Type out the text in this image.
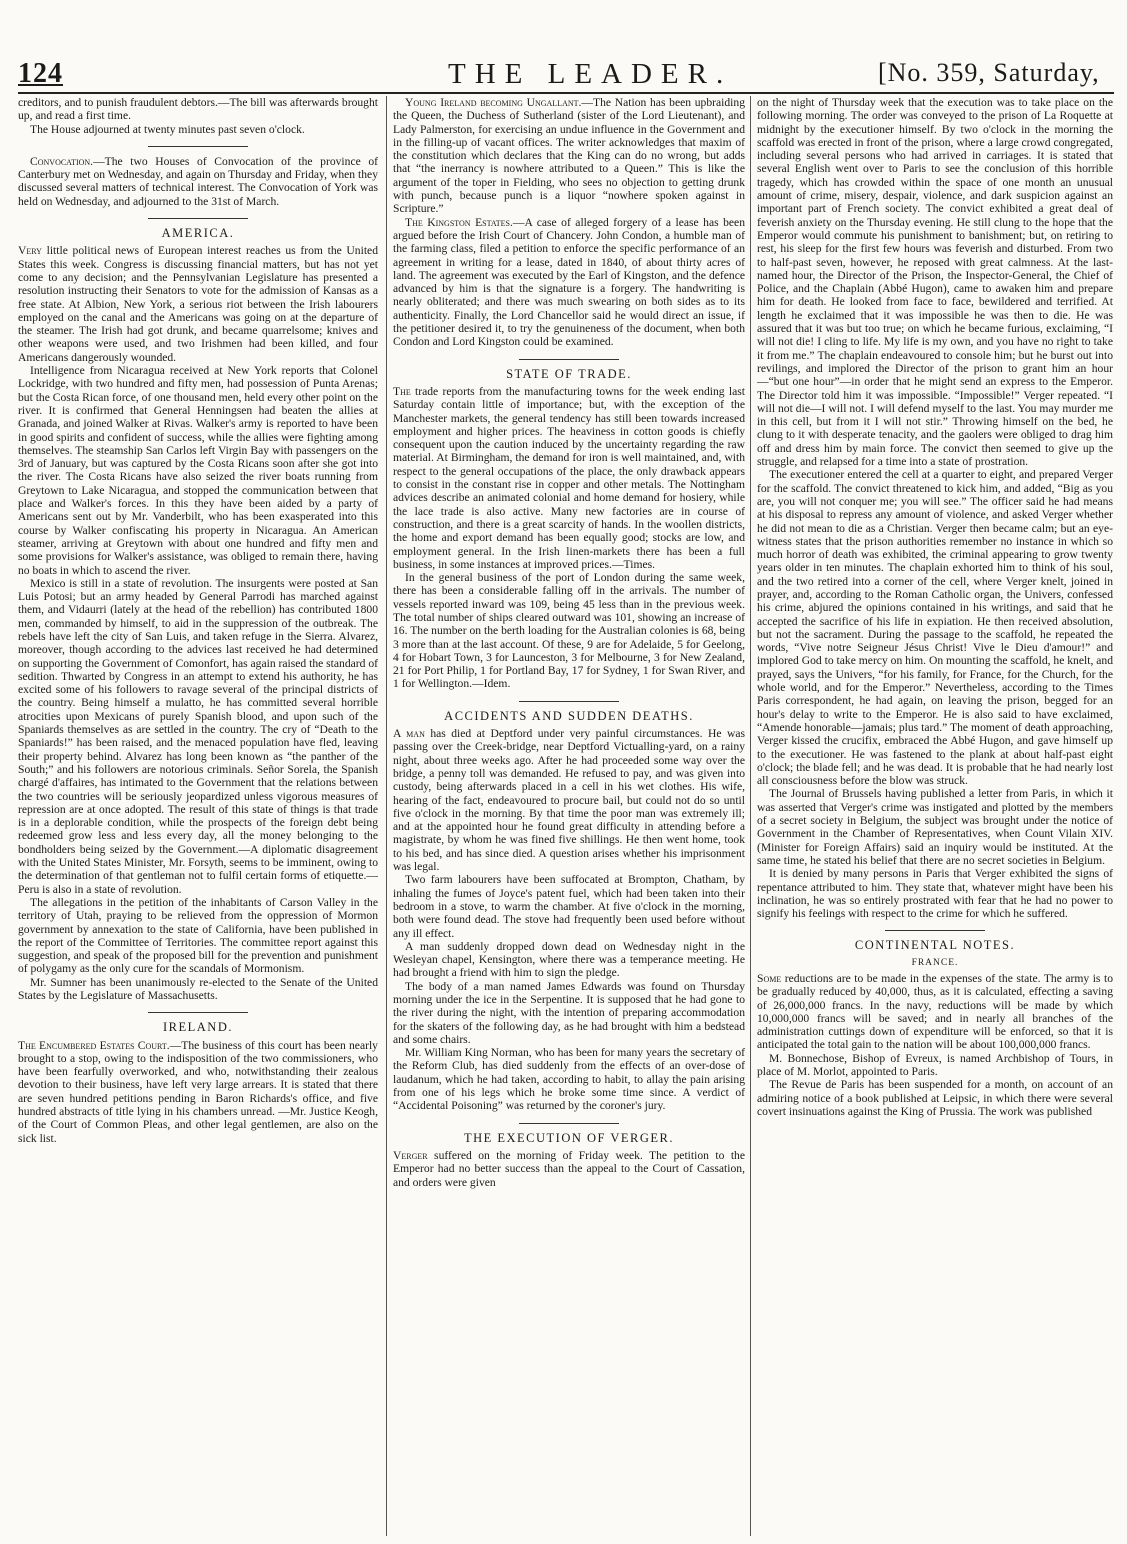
124	THE LEADER.	[No. 359, Saturday,

creditors, and to punish fraudulent debtors.—The bill was afterwards brought up, and read a first time.

The House adjourned at twenty minutes past seven o'clock.

Convocation.—The two Houses of Convocation of the province of Canterbury met on Wednesday, and again on Thursday and Friday, when they discussed several matters of technical interest. The Convocation of York was held on Wednesday, and adjourned to the 31st of March.

AMERICA.

Very little political news of European interest reaches us from the United States this week. Congress is discussing financial matters, but has not yet come to any decision; and the Pennsylvanian Legislature has presented a resolution instructing their Senators to vote for the admission of Kansas as a free state. At Albion, New York, a serious riot between the Irish labourers employed on the canal and the Americans was going on at the departure of the steamer. The Irish had got drunk, and became quarrelsome; knives and other weapons were used, and two Irishmen had been killed, and four Americans dangerously wounded.

Intelligence from Nicaragua received at New York reports that Colonel Lockridge, with two hundred and fifty men, had possession of Punta Arenas; but the Costa Rican force, of one thousand men, held every other point on the river. It is confirmed that General Henningsen had beaten the allies at Granada, and joined Walker at Rivas. Walker's army is reported to have been in good spirits and confident of success, while the allies were fighting among themselves. The steamship San Carlos left Virgin Bay with passengers on the 3rd of January, but was captured by the Costa Ricans soon after she got into the river. The Costa Ricans have also seized the river boats running from Greytown to Lake Nicaragua, and stopped the communication between that place and Walker's forces. In this they have been aided by a party of Americans sent out by Mr. Vanderbilt, who has been exasperated into this course by Walker confiscating his property in Nicaragua. An American steamer, arriving at Greytown with about one hundred and fifty men and some provisions for Walker's assistance, was obliged to remain there, having no boats in which to ascend the river.

Mexico is still in a state of revolution. The insurgents were posted at San Luis Potosi; but an army headed by General Parrodi has marched against them, and Vidaurri (lately at the head of the rebellion) has contributed 1800 men, commanded by himself, to aid in the suppression of the outbreak. The rebels have left the city of San Luis, and taken refuge in the Sierra. Alvarez, moreover, though according to the advices last received he had determined on supporting the Government of Comonfort, has again raised the standard of sedition. Thwarted by Congress in an attempt to extend his authority, he has excited some of his followers to ravage several of the principal districts of the country. Being himself a mulatto, he has committed several horrible atrocities upon Mexicans of purely Spanish blood, and upon such of the Spaniards themselves as are settled in the country. The cry of “Death to the Spaniards!” has been raised, and the menaced population have fled, leaving their property behind. Alvarez has long been known as “the panther of the South;” and his followers are notorious criminals. Señor Sorela, the Spanish chargé d'affaires, has intimated to the Government that the relations between the two countries will be seriously jeopardized unless vigorous measures of repression are at once adopted. The result of this state of things is that trade is in a deplorable condition, while the prospects of the foreign debt being redeemed grow less and less every day, all the money belonging to the bondholders being seized by the Government.—A diplomatic disagreement with the United States Minister, Mr. Forsyth, seems to be imminent, owing to the determination of that gentleman not to fulfil certain forms of etiquette.—Peru is also in a state of revolution.

The allegations in the petition of the inhabitants of Carson Valley in the territory of Utah, praying to be relieved from the oppression of Mormon government by annexation to the state of California, have been published in the report of the Committee of Territories. The committee report against this suggestion, and speak of the proposed bill for the prevention and punishment of polygamy as the only cure for the scandals of Mormonism.

Mr. Sumner has been unanimously re-elected to the Senate of the United States by the Legislature of Massachusetts.

IRELAND.

The Encumbered Estates Court.—The business of this court has been nearly brought to a stop, owing to the indisposition of the two commissioners, who have been fearfully overworked, and who, notwithstanding their zealous devotion to their business, have left very large arrears. It is stated that there are seven hundred petitions pending in Baron Richards's office, and five hundred abstracts of title lying in his chambers unread. —Mr. Justice Keogh, of the Court of Common Pleas, and other legal gentlemen, are also on the sick list.

Young Ireland becoming Ungallant.—The Nation has been upbraiding the Queen, the Duchess of Sutherland (sister of the Lord Lieutenant), and Lady Palmerston, for exercising an undue influence in the Government and in the filling-up of vacant offices. The writer acknowledges that maxim of the constitution which declares that the King can do no wrong, but adds that “the inerrancy is nowhere attributed to a Queen.” This is like the argument of the toper in Fielding, who sees no objection to getting drunk with punch, because punch is a liquor “nowhere spoken against in Scripture.”

The Kingston Estates.—A case of alleged forgery of a lease has been argued before the Irish Court of Chancery. John Condon, a humble man of the farming class, filed a petition to enforce the specific performance of an agreement in writing for a lease, dated in 1840, of about thirty acres of land. The agreement was executed by the Earl of Kingston, and the defence advanced by him is that the signature is a forgery. The handwriting is nearly obliterated; and there was much swearing on both sides as to its authenticity. Finally, the Lord Chancellor said he would direct an issue, if the petitioner desired it, to try the genuineness of the document, when both Condon and Lord Kingston could be examined.

STATE OF TRADE.

The trade reports from the manufacturing towns for the week ending last Saturday contain little of importance; but, with the exception of the Manchester markets, the general tendency has still been towards increased employment and higher prices. The heaviness in cotton goods is chiefly consequent upon the caution induced by the uncertainty regarding the raw material. At Birmingham, the demand for iron is well maintained, and, with respect to the general occupations of the place, the only drawback appears to consist in the constant rise in copper and other metals. The Nottingham advices describe an animated colonial and home demand for hosiery, while the lace trade is also active. Many new factories are in course of construction, and there is a great scarcity of hands. In the woollen districts, the home and export demand has been equally good; stocks are low, and employment general. In the Irish linen-markets there has been a full business, in some instances at improved prices.—Times.

In the general business of the port of London during the same week, there has been a considerable falling off in the arrivals. The number of vessels reported inward was 109, being 45 less than in the previous week. The total number of ships cleared outward was 101, showing an increase of 16. The number on the berth loading for the Australian colonies is 68, being 3 more than at the last account. Of these, 9 are for Adelaide, 5 for Geelong, 4 for Hobart Town, 3 for Launceston, 3 for Melbourne, 3 for New Zealand, 21 for Port Philip, 1 for Portland Bay, 17 for Sydney, 1 for Swan River, and 1 for Wellington.—Idem.

ACCIDENTS AND SUDDEN DEATHS.

A man has died at Deptford under very painful circumstances. He was passing over the Creek-bridge, near Deptford Victualling-yard, on a rainy night, about three weeks ago. After he had proceeded some way over the bridge, a penny toll was demanded. He refused to pay, and was given into custody, being afterwards placed in a cell in his wet clothes. His wife, hearing of the fact, endeavoured to procure bail, but could not do so until five o'clock in the morning. By that time the poor man was extremely ill; and at the appointed hour he found great difficulty in attending before a magistrate, by whom he was fined five shillings. He then went home, took to his bed, and has since died. A question arises whether his imprisonment was legal.

Two farm labourers have been suffocated at Brompton, Chatham, by inhaling the fumes of Joyce's patent fuel, which had been taken into their bedroom in a stove, to warm the chamber. At five o'clock in the morning, both were found dead. The stove had frequently been used before without any ill effect.

A man suddenly dropped down dead on Wednesday night in the Wesleyan chapel, Kensington, where there was a temperance meeting. He had brought a friend with him to sign the pledge.

The body of a man named James Edwards was found on Thursday morning under the ice in the Serpentine. It is supposed that he had gone to the river during the night, with the intention of preparing accommodation for the skaters of the following day, as he had brought with him a bedstead and some chairs.

Mr. William King Norman, who has been for many years the secretary of the Reform Club, has died suddenly from the effects of an over-dose of laudanum, which he had taken, according to habit, to allay the pain arising from one of his legs which he broke some time since. A verdict of “Accidental Poisoning” was returned by the coroner's jury.

THE EXECUTION OF VERGER.

Verger suffered on the morning of Friday week. The petition to the Emperor had no better success than the appeal to the Court of Cassation, and orders were given

on the night of Thursday week that the execution was to take place on the following morning. The order was conveyed to the prison of La Roquette at midnight by the executioner himself. By two o'clock in the morning the scaffold was erected in front of the prison, where a large crowd congregated, including several persons who had arrived in carriages. It is stated that several English went over to Paris to see the conclusion of this horrible tragedy, which has crowded within the space of one month an unusual amount of crime, misery, despair, violence, and dark suspicion against an important part of French society. The convict exhibited a great deal of feverish anxiety on the Thursday evening. He still clung to the hope that the Emperor would commute his punishment to banishment; but, on retiring to rest, his sleep for the first few hours was feverish and disturbed. From two to half-past seven, however, he reposed with great calmness. At the last-named hour, the Director of the Prison, the Inspector-General, the Chief of Police, and the Chaplain (Abbé Hugon), came to awaken him and prepare him for death. He looked from face to face, bewildered and terrified. At length he exclaimed that it was impossible he was then to die. He was assured that it was but too true; on which he became furious, exclaiming, “I will not die! I cling to life. My life is my own, and you have no right to take it from me.” The chaplain endeavoured to console him; but he burst out into revilings, and implored the Director of the prison to grant him an hour—“but one hour”—in order that he might send an express to the Emperor. The Director told him it was impossible. “Impossible!” Verger repeated. “I will not die—I will not. I will defend myself to the last. You may murder me in this cell, but from it I will not stir.” Throwing himself on the bed, he clung to it with desperate tenacity, and the gaolers were obliged to drag him off and dress him by main force. The convict then seemed to give up the struggle, and relapsed for a time into a state of prostration.

The executioner entered the cell at a quarter to eight, and prepared Verger for the scaffold. The convict threatened to kick him, and added, “Big as you are, you will not conquer me; you will see.” The officer said he had means at his disposal to repress any amount of violence, and asked Verger whether he did not mean to die as a Christian. Verger then became calm; but an eye-witness states that the prison authorities remember no instance in which so much horror of death was exhibited, the criminal appearing to grow twenty years older in ten minutes. The chaplain exhorted him to think of his soul, and the two retired into a corner of the cell, where Verger knelt, joined in prayer, and, according to the Roman Catholic organ, the Univers, confessed his crime, abjured the opinions contained in his writings, and said that he accepted the sacrifice of his life in expiation. He then received absolution, but not the sacrament. During the passage to the scaffold, he repeated the words, “Vive notre Seigneur Jésus Christ! Vive le Dieu d'amour!” and implored God to take mercy on him. On mounting the scaffold, he knelt, and prayed, says the Univers, “for his family, for France, for the Church, for the whole world, and for the Emperor.” Nevertheless, according to the Times Paris correspondent, he had again, on leaving the prison, begged for an hour's delay to write to the Emperor. He is also said to have exclaimed, “Amende honorable—jamais; plus tard.” The moment of death approaching, Verger kissed the crucifix, embraced the Abbé Hugon, and gave himself up to the executioner. He was fastened to the plank at about half-past eight o'clock; the blade fell; and he was dead. It is probable that he had nearly lost all consciousness before the blow was struck.

The Journal of Brussels having published a letter from Paris, in which it was asserted that Verger's crime was instigated and plotted by the members of a secret society in Belgium, the subject was brought under the notice of Government in the Chamber of Representatives, when Count Vilain XIV. (Minister for Foreign Affairs) said an inquiry would be instituted. At the same time, he stated his belief that there are no secret societies in Belgium.

It is denied by many persons in Paris that Verger exhibited the signs of repentance attributed to him. They state that, whatever might have been his inclination, he was so entirely prostrated with fear that he had no power to signify his feelings with respect to the crime for which he suffered.

CONTINENTAL NOTES.
FRANCE.

Some reductions are to be made in the expenses of the state. The army is to be gradually reduced by 40,000, thus, as it is calculated, effecting a saving of 26,000,000 francs. In the navy, reductions will be made by which 10,000,000 francs will be saved; and in nearly all branches of the administration cuttings down of expenditure will be enforced, so that it is anticipated the total gain to the nation will be about 100,000,000 francs.

M. Bonnechose, Bishop of Evreux, is named Archbishop of Tours, in place of M. Morlot, appointed to Paris.

The Revue de Paris has been suspended for a month, on account of an admiring notice of a book published at Leipsic, in which there were several covert insinuations against the King of Prussia. The work was published
